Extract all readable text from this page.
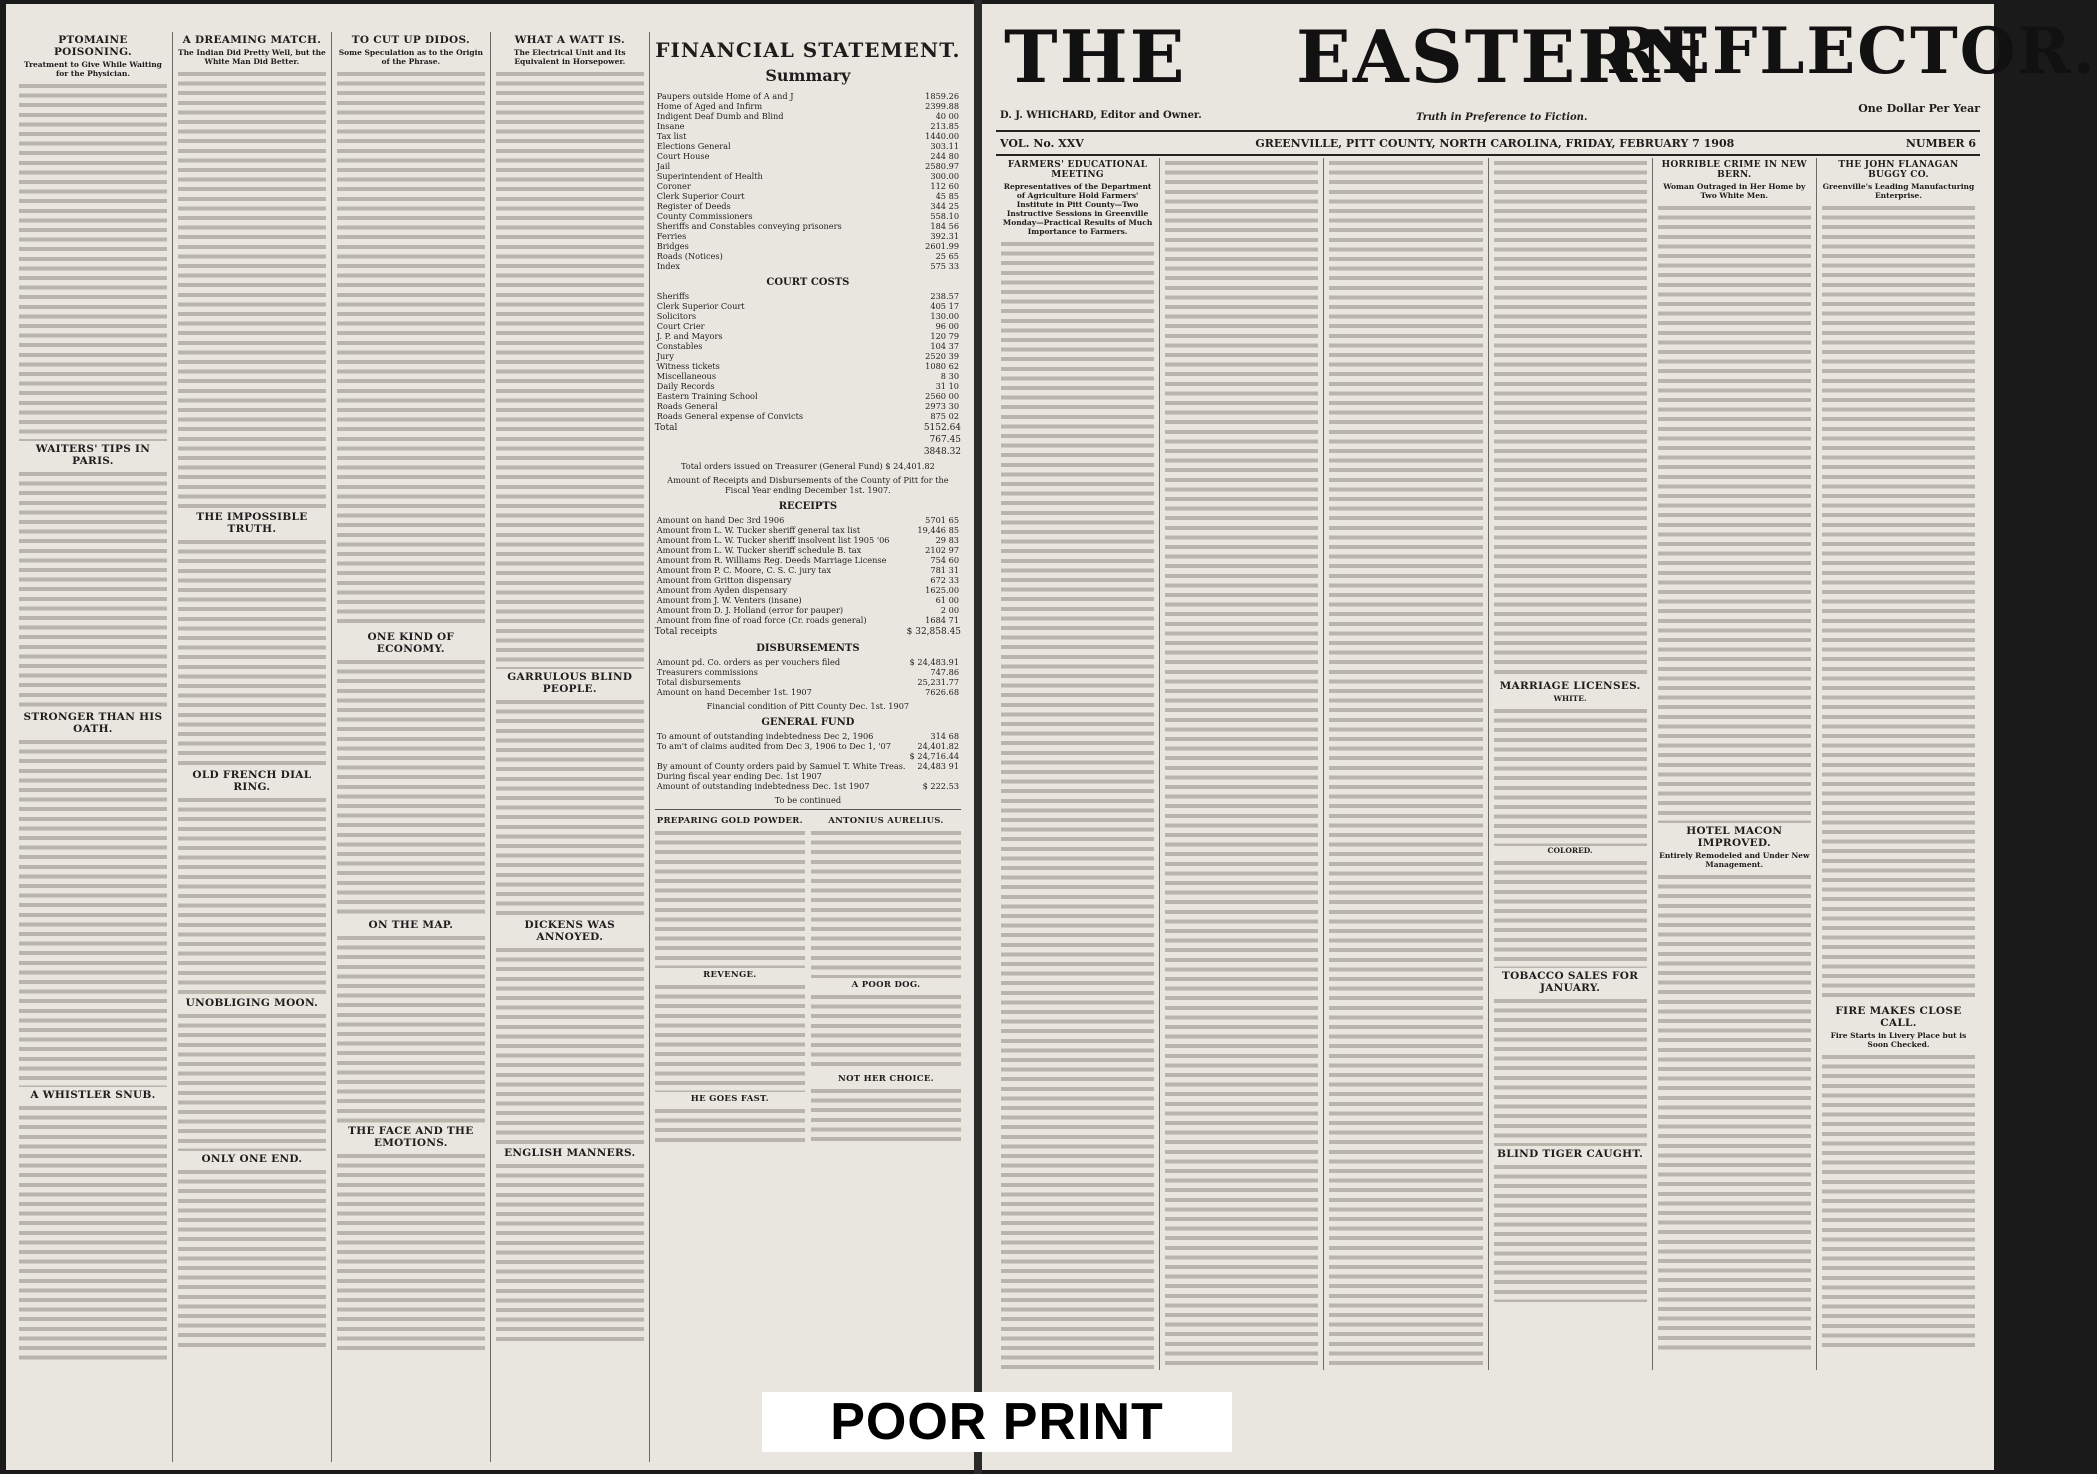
PTOMAINE POISONING.
Treatment to Give While Waiting for the Physician.
WAITERS' TIPS IN PARIS.
STRONGER THAN HIS OATH.
A WHISTLER SNUB.
A DREAMING MATCH.
The Indian Did Pretty Well, but the White Man Did Better.
THE IMPOSSIBLE TRUTH.
OLD FRENCH DIAL RING.
UNOBLIGING MOON.
ONLY ONE END.
TO CUT UP DIDOS.
Some Speculation as to the Origin of the Phrase.
ONE KIND OF ECONOMY.
ON THE MAP.
THE FACE AND THE EMOTIONS.
WHAT A WATT IS.
The Electrical Unit and Its Equivalent in Horsepower.
GARRULOUS BLIND PEOPLE.
DICKENS WAS ANNOYED.
ENGLISH MANNERS.
FINANCIAL STATEMENT.
Summary
Paupers outside Home of A and J	1859.26
Home of Aged and Infirm	2399.88
Indigent Deaf Dumb and Blind	40 00
Insane	213.85
Tax list	1440.00
Elections General	303.11
Court House	244 80
Jail	2580.97
Superintendent of Health	300.00
Coroner	112 60
Clerk Superior Court	45 85
Register of Deeds	344 25
County Commissioners	558.10
Sheriffs and Constables conveying prisoners	184 56
Ferries	392.31
Bridges	2601.99
Roads (Notices)	25 65
Index	575 33
COURT COSTS
Sheriffs	238.57
Clerk Superior Court	405 17
Solicitors	130.00
Court Crier	96 00
J. P. and Mayors	120 79
Constables	104 37
Jury	2520 39
Witness tickets	1080 62
Miscellaneous	8 30
Daily Records	31 10
Eastern Training School	2560 00
Roads General	2973 30
Roads General expense of Convicts	875 02
Total	5152.64
767.45
3848.32
Total orders issued on Treasurer (General Fund) $ 24,401.82
Amount of Receipts and Disbursements of the County of Pitt for the Fiscal Year ending December 1st. 1907.
RECEIPTS
Amount on hand Dec 3rd 1906	5701 65
Amount from L. W. Tucker sheriff general tax list	19,446 85
Amount from L. W. Tucker sheriff insolvent list 1905 '06	29 83
Amount from L. W. Tucker sheriff schedule B. tax	2102 97
Amount from R. Williams Reg. Deeds Marriage License	754 60
Amount from P. C. Moore, C. S. C. jury tax	781 31
Amount from Gritton dispensary	672 33
Amount from Ayden dispensary	1625.00
Amount from J. W. Venters (insane)	61 00
Amount from D. J. Holland (error for pauper)	2 00
Amount from fine of road force (Cr. roads general)	1684 71
Total receipts	$ 32,858.45
DISBURSEMENTS
Amount pd. Co. orders as per vouchers filed	$ 24,483.91
Treasurers commissions	747.86
Total disbursements	25,231.77
Amount on hand December 1st. 1907	7626.68
Financial condition of Pitt County Dec. 1st. 1907
GENERAL FUND
To amount of outstanding indebtedness Dec 2, 1906	314 68
To am't of claims audited from Dec 3, 1906 to Dec 1, '07	24,401.82
	$ 24,716.44
By amount of County orders paid by Samuel T. White Treas.	24,483 91
During fiscal year ending Dec. 1st 1907	
Amount of outstanding indebtedness Dec. 1st 1907	$ 222.53
To be continued
PREPARING GOLD POWDER.
REVENGE.
HE GOES FAST.
ANTONIUS AURELIUS.
A POOR DOG.
NOT HER CHOICE.
THE EASTERN
REFLECTOR.
D. J. WHICHARD, Editor and Owner.	Truth in Preference to Fiction.
One Dollar Per Year
VOL. No. XXV	GREENVILLE, PITT COUNTY, NORTH CAROLINA, FRIDAY, FEBRUARY 7 1908	NUMBER 6
FARMERS' EDUCATIONAL MEETING
Representatives of the Department of Agriculture Hold Farmers' Institute in Pitt County—Two Instructive Sessions in Greenville Monday—Practical Results of Much Importance to Farmers.
MARRIAGE LICENSES.
WHITE.
COLORED.
TOBACCO SALES FOR JANUARY.
BLIND TIGER CAUGHT.
HORRIBLE CRIME IN NEW BERN.
Woman Outraged in Her Home by Two White Men.
HOTEL MACON IMPROVED.
Entirely Remodeled and Under New Management.
THE JOHN FLANAGAN BUGGY CO.
Greenville's Leading Manufacturing Enterprise.
FIRE MAKES CLOSE CALL.
Fire Starts in Livery Place but is Soon Checked.
POOR PRINT
